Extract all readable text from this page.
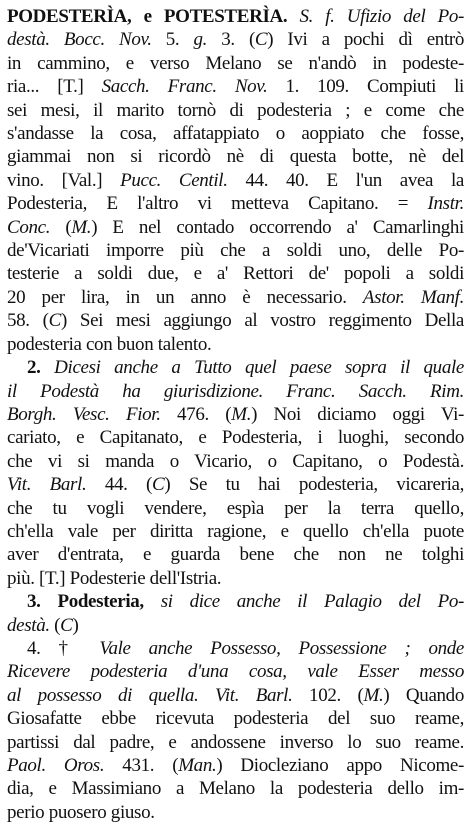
PODESTERÌA, e POTESTERÌA. S. f. Ufizio del Po-
destà. Bocc. Nov. 5. g. 3. (C) Ivi a pochi dì entrò
in cammino, e verso Melano se n'andò in podeste-
ria... [T.] Sacch. Franc. Nov. 1. 109. Compiuti li
sei mesi, il marito tornò di podesteria ; e come che
s'andasse la cosa, affatappiato o aoppiato che fosse,
giammai non si ricordò nè di questa botte, nè del
vino. [Val.] Pucc. Centil. 44. 40. E l'un avea la
Podesteria, E l'altro vi metteva Capitano. = Instr.
Conc. (M.) E nel contado occorrendo a' Camarlinghi
de'Vicariati imporre più che a soldi uno, delle Po-
testerie a soldi due, e a' Rettori de' popoli a soldi
20 per lira, in un anno è necessario. Astor. Manf.
58. (C) Sei mesi aggiungo al vostro reggimento Della
podesteria con buon talento.
2. Dicesi anche a Tutto quel paese sopra il quale
il Podestà ha giurisdizione. Franc. Sacch. Rim.
Borgh. Vesc. Fior. 476. (M.) Noi diciamo oggi Vi-
cariato, e Capitanato, e Podesteria, i luoghi, secondo
che vi si manda o Vicario, o Capitano, o Podestà.
Vit. Barl. 44. (C) Se tu hai podesteria, vicareria,
che tu vogli vendere, espìa per la terra quello,
ch'ella vale per diritta ragione, e quello ch'ella puote
aver d'entrata, e guarda bene che non ne tolghi
più. [T.] Podesterie dell'Istria.
3. Podesteria, si dice anche il Palagio del Po-
destà. (C)
4. † Vale anche Possesso, Possessione ; onde
Ricevere podesteria d'una cosa, vale Esser messo
al possesso di quella. Vit. Barl. 102. (M.) Quando
Giosafatte ebbe ricevuta podesteria del suo reame,
partissi dal padre, e andossene inverso lo suo reame.
Paol. Oros. 431. (Man.) Diocleziano appo Nicome-
dia, e Massimiano a Melano la podesteria dello im-
perio puosero giuso.
